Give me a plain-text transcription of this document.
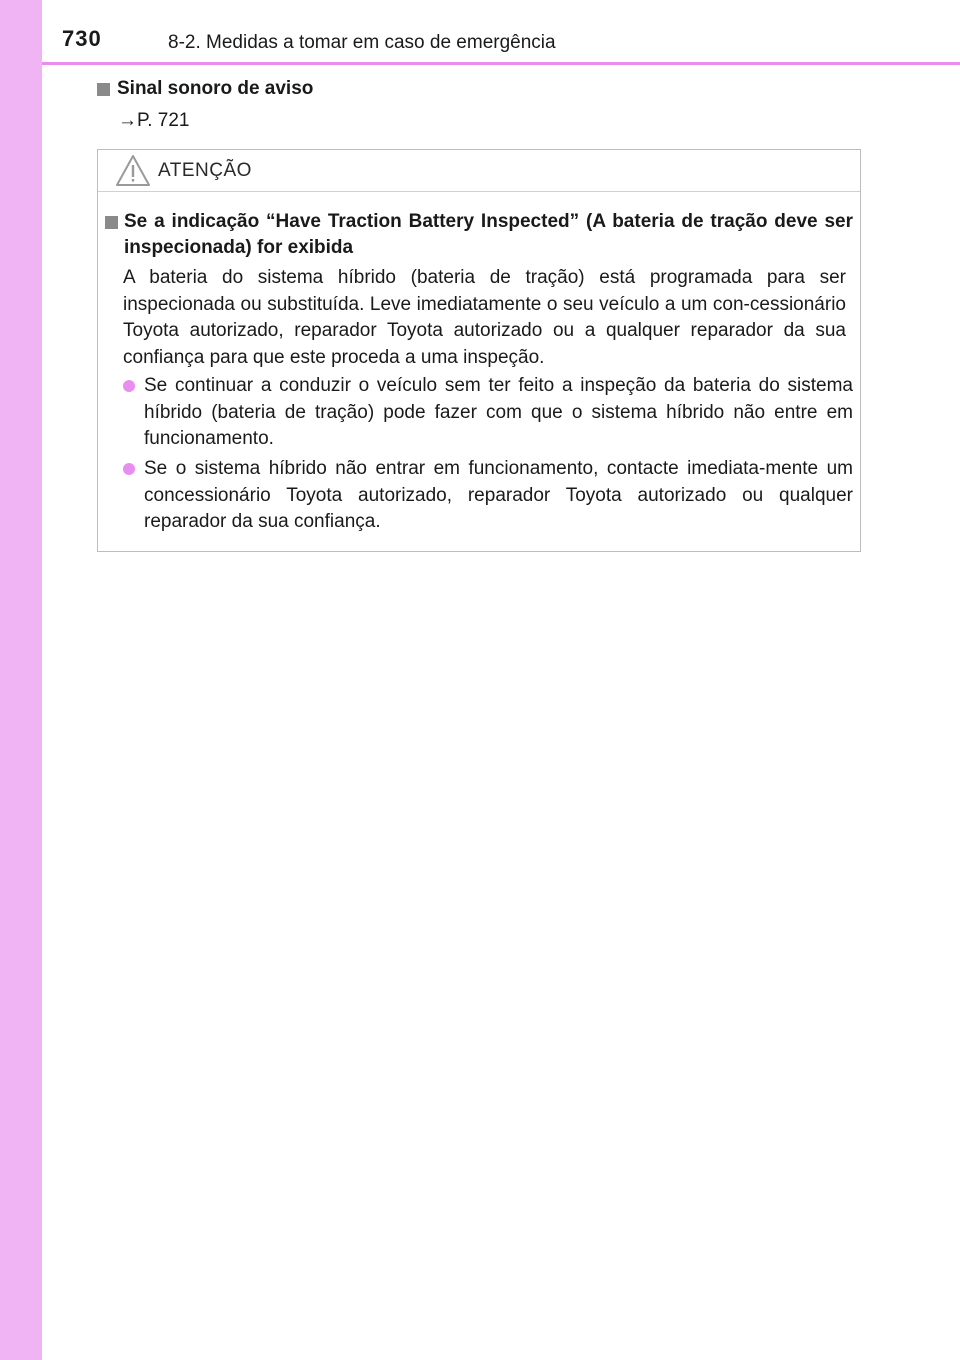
730	8-2. Medidas a tomar em caso de emergência
Sinal sonoro de aviso
→P. 721
ATENÇÃO
Se a indicação “Have Traction Battery Inspected” (A bateria de tração deve ser inspecionada) for exibida
A bateria do sistema híbrido (bateria de tração) está programada para ser inspecionada ou substituída. Leve imediatamente o seu veículo a um con-cessionário Toyota autorizado, reparador Toyota autorizado ou a qualquer reparador da sua confiança para que este proceda a uma inspeção.
Se continuar a conduzir o veículo sem ter feito a inspeção da bateria do sistema híbrido (bateria de tração) pode fazer com que o sistema híbrido não entre em funcionamento.
Se o sistema híbrido não entrar em funcionamento, contacte imediata-mente um concessionário Toyota autorizado, reparador Toyota autorizado ou qualquer reparador da sua confiança.
